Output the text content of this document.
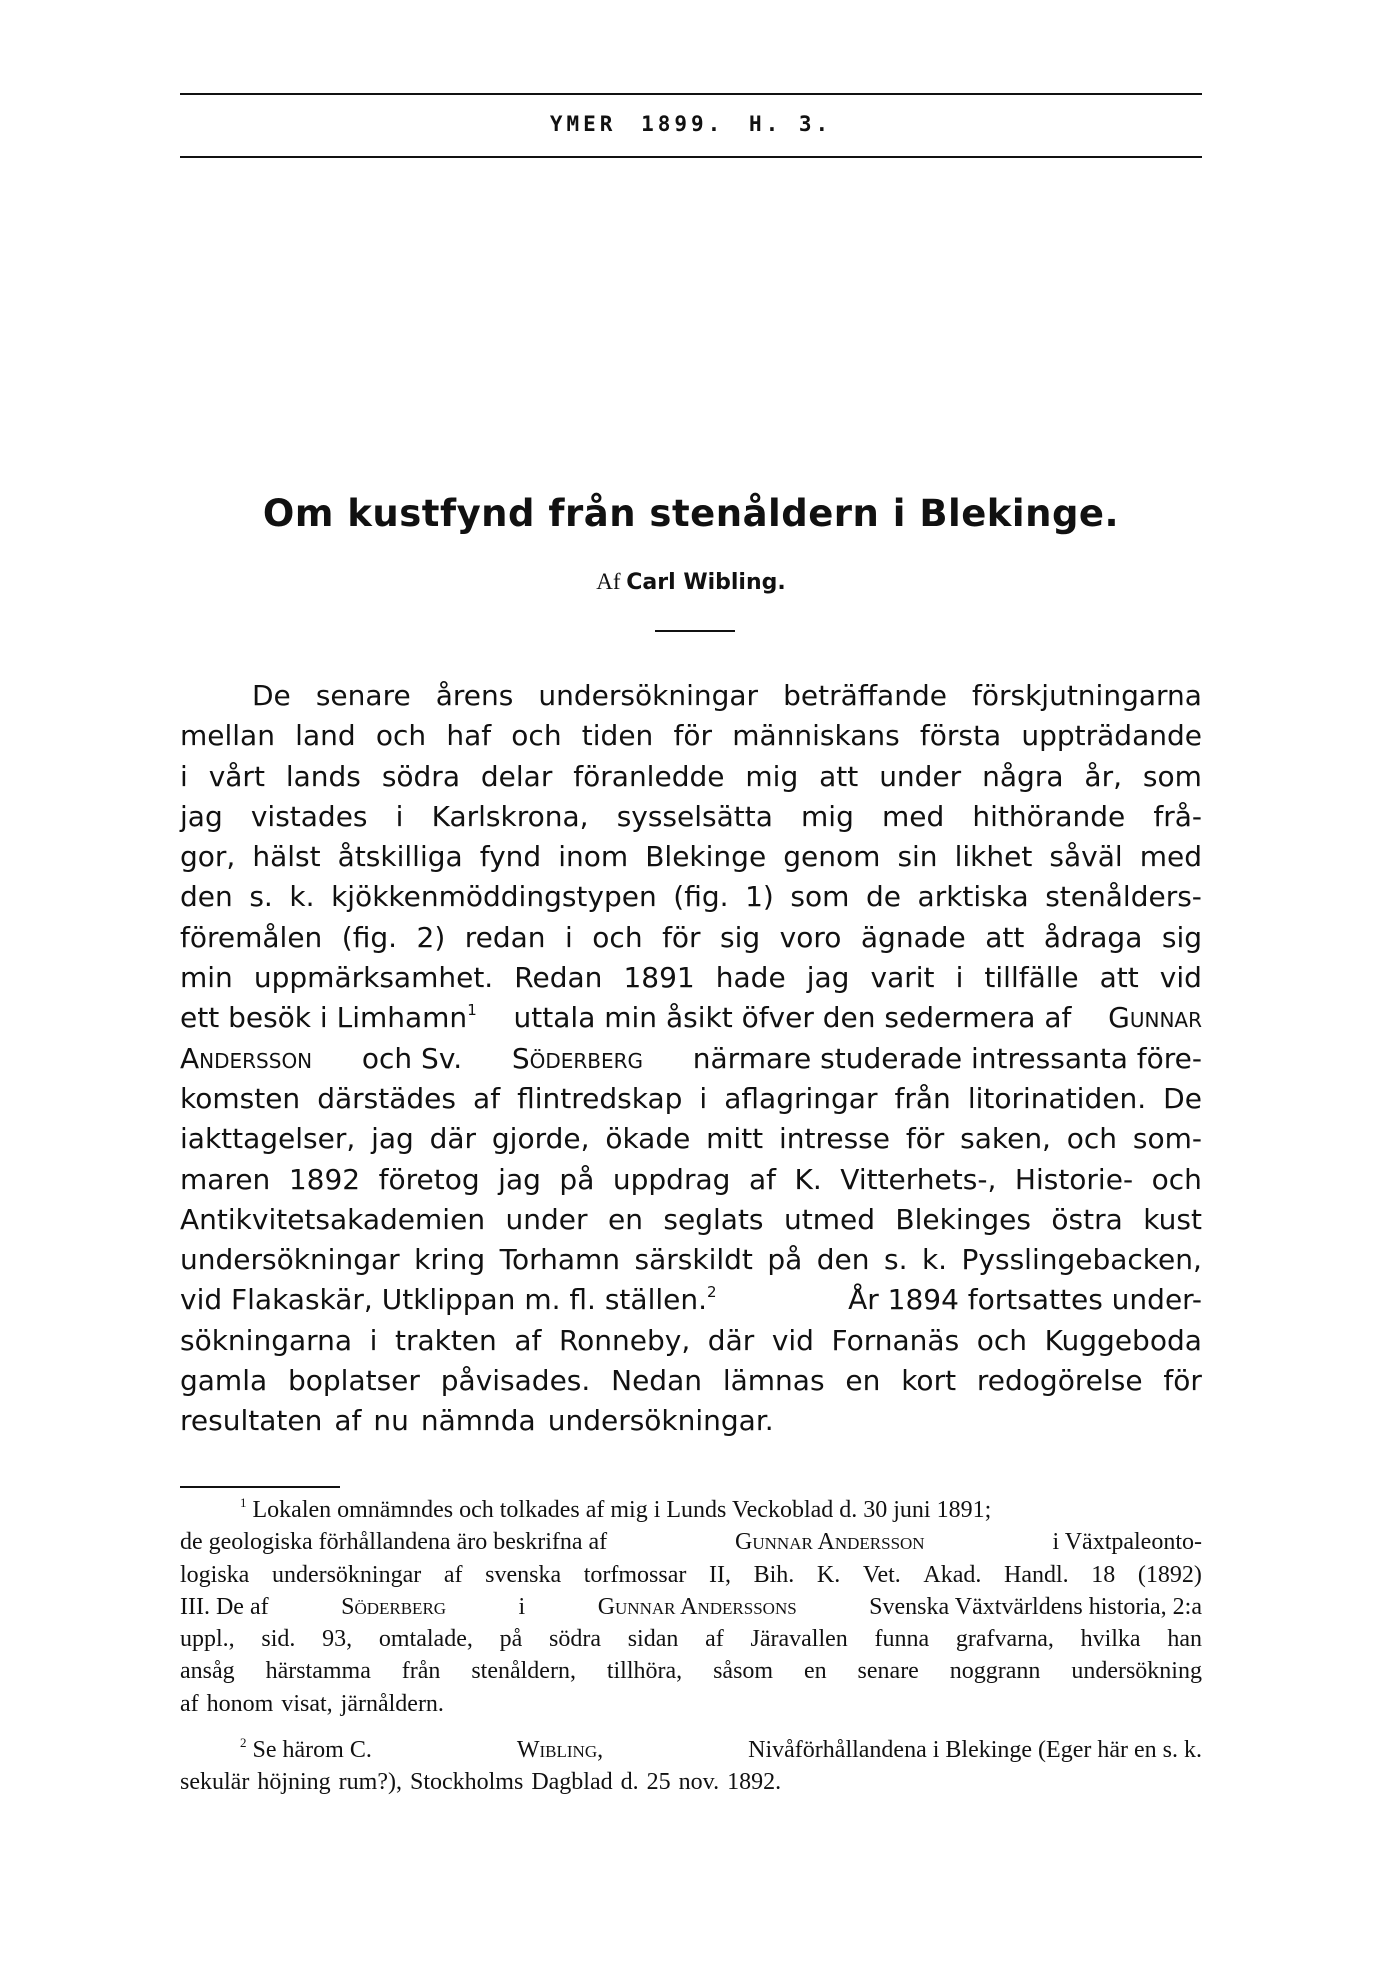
YMER 1899. H. 3.
Om kustfynd från stenåldern i Blekinge.
Af Carl Wibling.
De senare årens undersökningar beträffande förskjutningarna
mellan land och haf och tiden för människans första uppträdande
i vårt lands södra delar föranledde mig att under några år, som
jag vistades i Karlskrona, sysselsätta mig med hithörande frå-
gor, hälst åtskilliga fynd inom Blekinge genom sin likhet såväl med
den s. k. kjökkenmöddingstypen (fig. 1) som de arktiska stenålders-
föremålen (fig. 2) redan i och för sig voro ägnade att ådraga sig
min uppmärksamhet. Redan 1891 hade jag varit i tillfälle att vid
ett besök i Limhamn$^1$ uttala min åsikt öfver den sedermera af Gunnar
Andersson och Sv. Söderberg närmare studerade intressanta före-
komsten därstädes af flintredskap i aflagringar från litorinatiden. De
iakttagelser, jag där gjorde, ökade mitt intresse för saken, och som-
maren 1892 företog jag på uppdrag af K. Vitterhets-, Historie- och
Antikvitetsakademien under en seglats utmed Blekinges östra kust
undersökningar kring Torhamn särskildt på den s. k. Pysslingebacken,
vid Flakaskär, Utklippan m. fl. ställen.$^2$	År 1894 fortsattes under-
sökningarna i trakten af Ronneby, där vid Fornanäs och Kuggeboda
gamla boplatser påvisades. Nedan lämnas en kort redogörelse för
resultaten af nu nämnda undersökningar.
$^1$ Lokalen omnämndes och tolkades af mig i Lunds Veckoblad d. 30 juni 1891;
de geologiska förhållandena äro beskrifna af	Gunnar Andersson	i Växtpaleonto-
logiska undersökningar af svenska torfmossar II, Bih. K. Vet. Akad. Handl. 18 (1892)
III. De af	Söderberg	i	Gunnar Anderssons	Svenska Växtvärldens historia, 2:a
uppl., sid. 93, omtalade, på södra sidan af Järavallen funna grafvarna, hvilka han
ansåg härstamma från stenåldern, tillhöra, såsom en senare noggrann undersökning
af honom visat, järnåldern.
$^2$ Se härom C.	Wibling,	Nivåförhållandena i Blekinge (Eger här en s. k.
sekulär höjning rum?), Stockholms Dagblad d. 25 nov. 1892.
